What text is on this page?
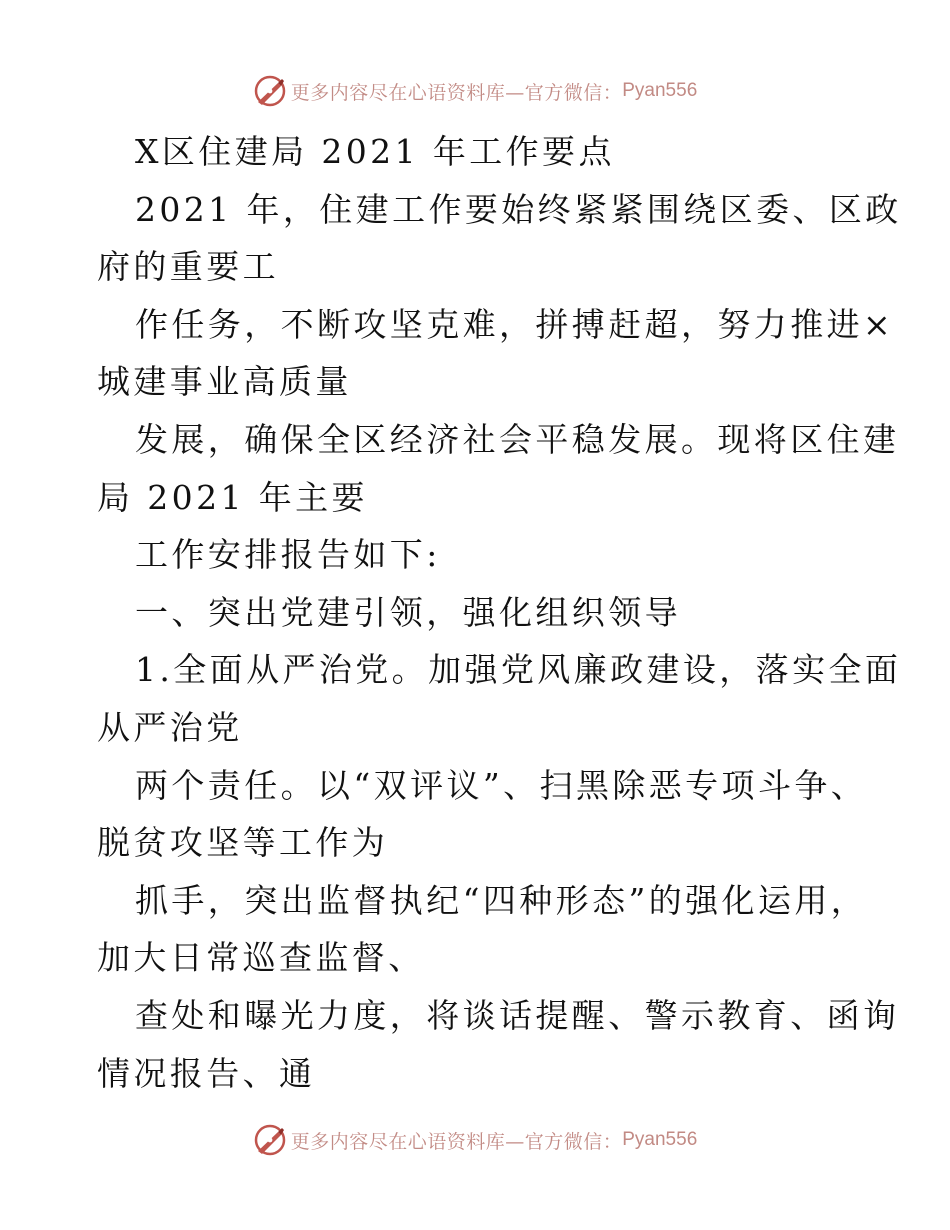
更多内容尽在心语资料库—官方微信： Pyan556

X区住建局 2021 年工作要点

2021 年，住建工作要始终紧紧围绕区委、区政
府的重要工

作任务，不断攻坚克难，拼搏赶超，努力推进×
城建事业高质量

发展，确保全区经济社会平稳发展。现将区住建
局 2021 年主要

工作安排报告如下:

一、突出党建引领，强化组织领导

1.全面从严治党。加强党风廉政建设，落实全面
从严治党

两个责任。以“双评议”、扫黑除恶专项斗争、
脱贫攻坚等工作为

抓手，突出监督执纪“四种形态”的强化运用，
加大日常巡查监督、

查处和曝光力度，将谈话提醒、警示教育、函询
情况报告、通

更多内容尽在心语资料库—官方微信： Pyan556
